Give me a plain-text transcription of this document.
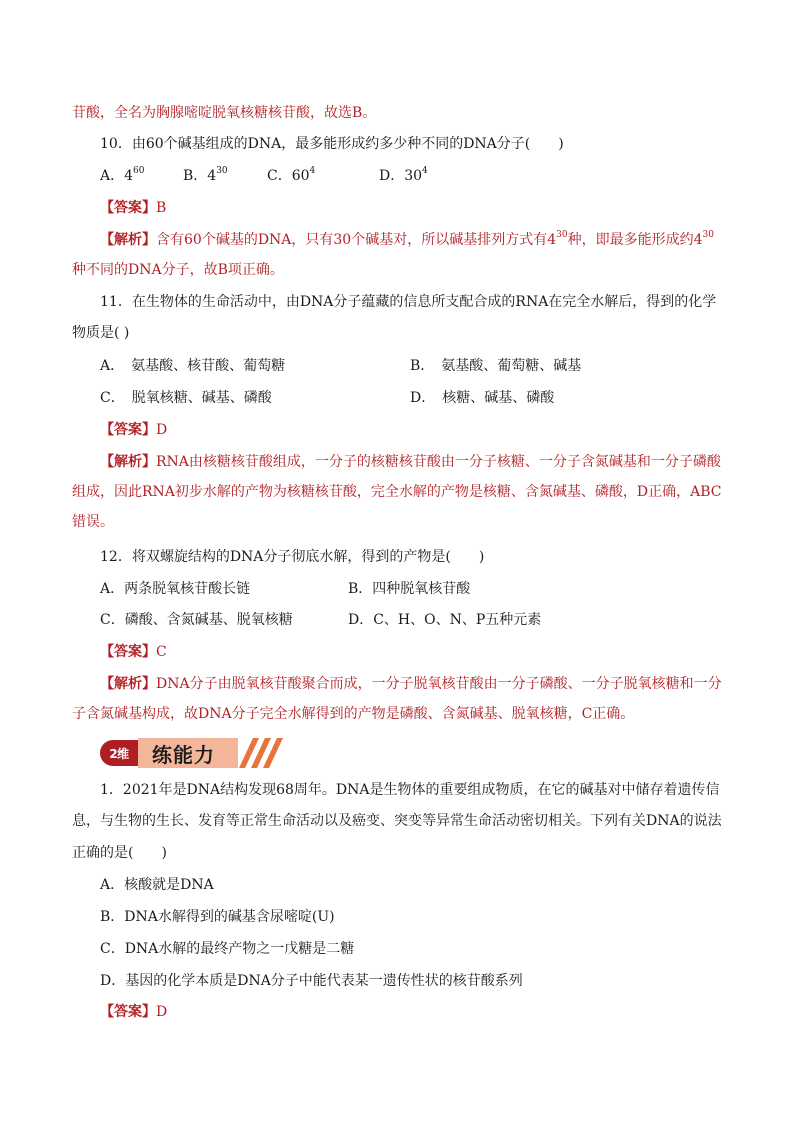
苷酸，全名为胸腺嘧啶脱氧核糖核苷酸，故选B。
10．由60个碱基组成的DNA，最多能形成约多少种不同的DNA分子(　　)
A．$4^{60}$	B．$4^{30}$	C．$60^4$	D．$30^4$
【答案】B
【解析】含有60个碱基的DNA，只有30个碱基对，所以碱基排列方式有$4^{30}$种，即最多能形成约$4^{30}$
种不同的DNA分子，故B项正确。
11．在生物体的生命活动中，由DNA分子蕴藏的信息所支配合成的RNA在完全水解后，得到的化学
物质是( )
A．　氨基酸、核苷酸、葡萄糖	B．　氨基酸、葡萄糖、碱基
C．　脱氧核糖、碱基、磷酸	D．　核糖、碱基、磷酸
【答案】D
【解析】RNA由核糖核苷酸组成，一分子的核糖核苷酸由一分子核糖、一分子含氮碱基和一分子磷酸
组成，因此RNA初步水解的产物为核糖核苷酸，完全水解的产物是核糖、含氮碱基、磷酸，D正确，ABC
错误。
12．将双螺旋结构的DNA分子彻底水解，得到的产物是(　　)
A．两条脱氧核苷酸长链	B．四种脱氧核苷酸
C．磷酸、含氮碱基、脱氧核糖	D．C、H、O、N、P五种元素
【答案】C
【解析】DNA分子由脱氧核苷酸聚合而成，一分子脱氧核苷酸由一分子磷酸、一分子脱氧核糖和一分
子含氮碱基构成，故DNA分子完全水解得到的产物是磷酸、含氮碱基、脱氧核糖，C正确。
2维	练能力
1．2021年是DNA结构发现68周年。DNA是生物体的重要组成物质，在它的碱基对中储存着遗传信
息，与生物的生长、发育等正常生命活动以及癌变、突变等异常生命活动密切相关。下列有关DNA的说法
正确的是(　　)
A．核酸就是DNA
B．DNA水解得到的碱基含尿嘧啶(U)
C．DNA水解的最终产物之一戊糖是二糖
D．基因的化学本质是DNA分子中能代表某一遗传性状的核苷酸系列
【答案】D
